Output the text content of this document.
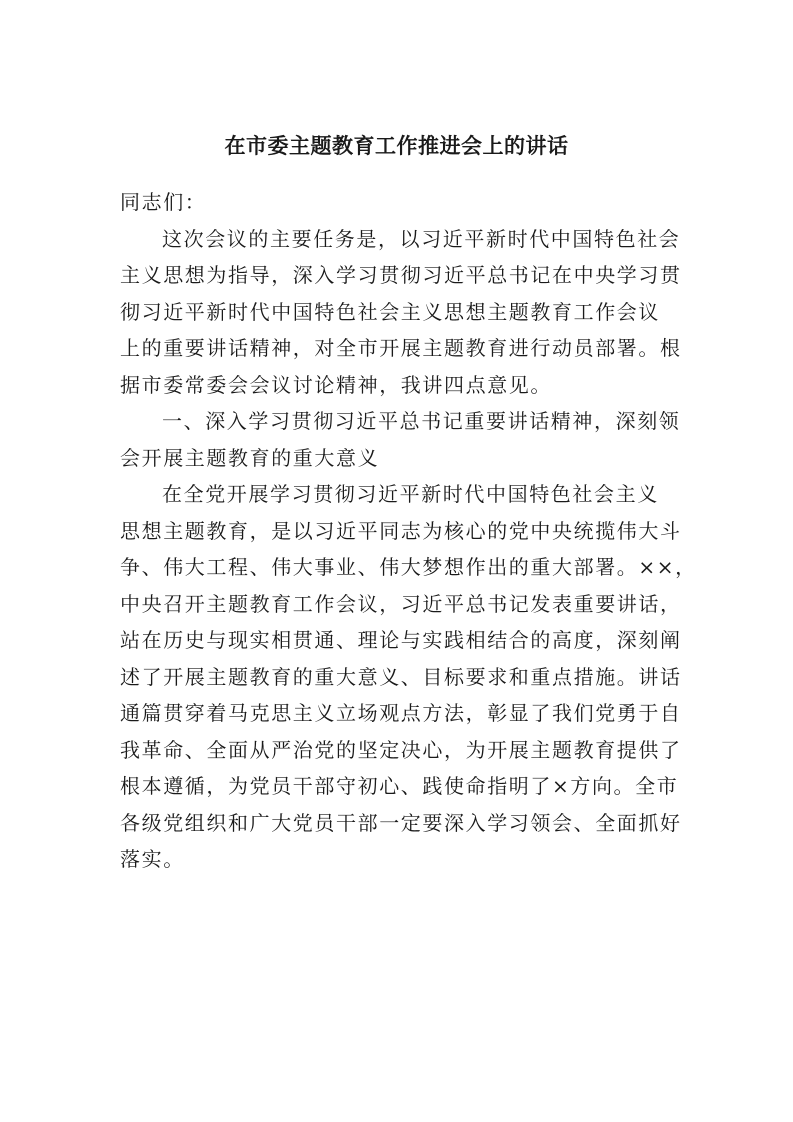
在市委主题教育工作推进会上的讲话
同志们：
这次会议的主要任务是，以习近平新时代中国特色社会
主义思想为指导，深入学习贯彻习近平总书记在中央学习贯
彻习近平新时代中国特色社会主义思想主题教育工作会议
上的重要讲话精神，对全市开展主题教育进行动员部署。根
据市委常委会会议讨论精神，我讲四点意见。
一、深入学习贯彻习近平总书记重要讲话精神，深刻领
会开展主题教育的重大意义
在全党开展学习贯彻习近平新时代中国特色社会主义
思想主题教育，是以习近平同志为核心的党中央统揽伟大斗
争、伟大工程、伟大事业、伟大梦想作出的重大部署。××，
中央召开主题教育工作会议，习近平总书记发表重要讲话，
站在历史与现实相贯通、理论与实践相结合的高度，深刻阐
述了开展主题教育的重大意义、目标要求和重点措施。讲话
通篇贯穿着马克思主义立场观点方法，彰显了我们党勇于自
我革命、全面从严治党的坚定决心，为开展主题教育提供了
根本遵循，为党员干部守初心、践使命指明了×方向。全市
各级党组织和广大党员干部一定要深入学习领会、全面抓好
落实。
